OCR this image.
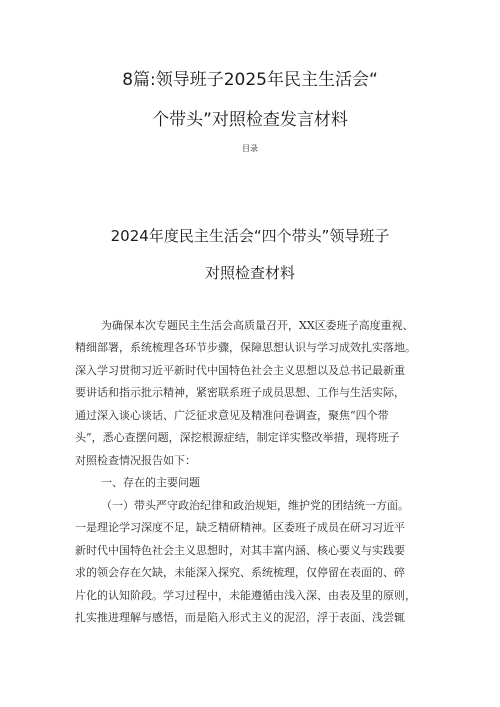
8篇:领导班子2025年民主生活会“
个带头”对照检查发言材料
目录
2024年度民主生活会“四个带头”领导班子
对照检查材料
为确保本次专题民主生活会高质量召开，XX区委班子高度重视、
精细部署，系统梳理各环节步骤，保障思想认识与学习成效扎实落地。
深入学习贯彻习近平新时代中国特色社会主义思想以及总书记最新重
要讲话和指示批示精神，紧密联系班子成员思想、工作与生活实际，
通过深入谈心谈话、广泛征求意见及精准问卷调查，聚焦“四个带
头”，悉心查摆问题，深挖根源症结，制定详实整改举措，现将班子
对照检查情况报告如下：
一、存在的主要问题
（一）带头严守政治纪律和政治规矩，维护党的团结统一方面。
一是理论学习深度不足，缺乏精研精神。区委班子成员在研习习近平
新时代中国特色社会主义思想时，对其丰富内涵、核心要义与实践要
求的领会存在欠缺，未能深入探究、系统梳理，仅停留在表面的、碎
片化的认知阶段。学习过程中，未能遵循由浅入深、由表及里的原则，
扎实推进理解与感悟，而是陷入形式主义的泥沼，浮于表面、浅尝辄
